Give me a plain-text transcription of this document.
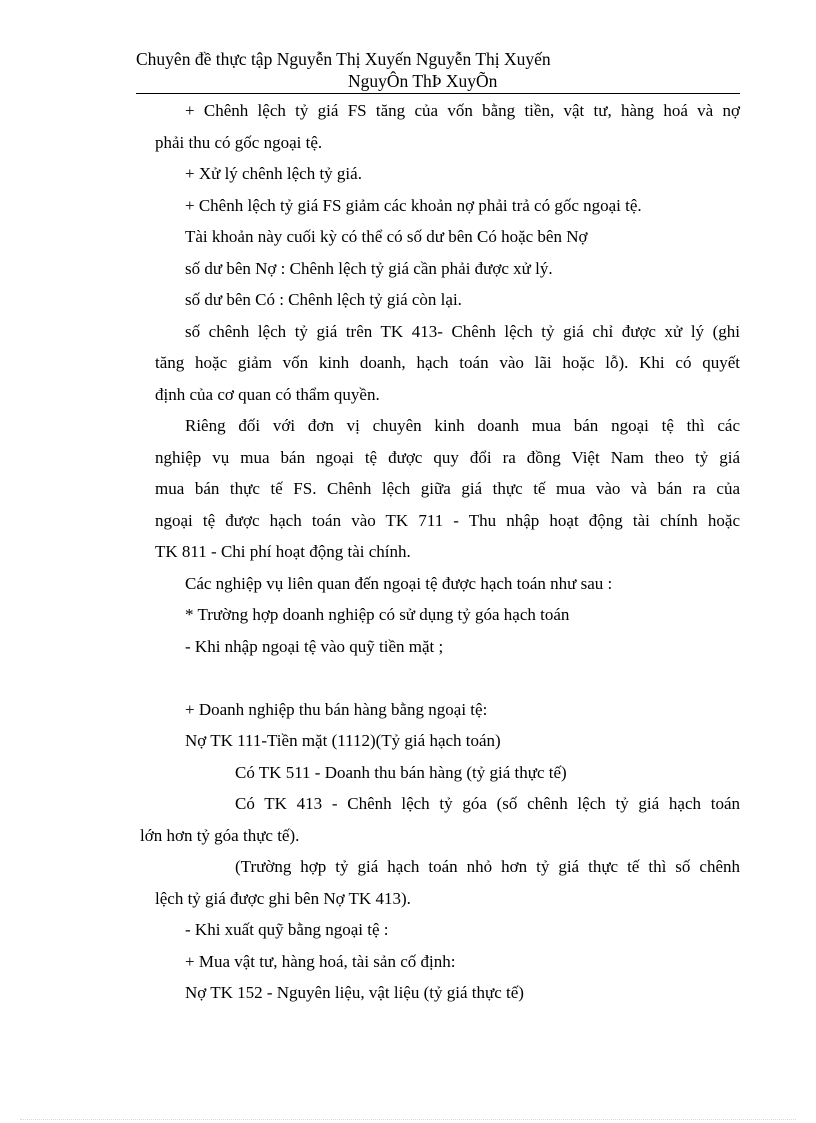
Chuyên đề thực tập Nguyễn Thị Xuyến Nguyễn Thị Xuyến
NguyÔn ThÞ XuyÕn

+ Chênh lệch tỷ giá FS tăng của vốn bằng tiền, vật tư, hàng hoá và nợ

phải thu có gốc ngoại tệ.

+ Xử lý chênh lệch tỷ giá.

+ Chênh lệch tỷ giá FS giảm các khoản nợ phải trả có gốc ngoại tệ.

Tài khoản này cuối kỳ có thể có số dư bên Có hoặc bên Nợ

số dư bên Nợ : Chênh lệch tỷ giá cần phải được xử lý.

số dư bên Có : Chênh lệch tỷ giá còn lại.

số chênh lệch tỷ giá trên TK 413- Chênh lệch tỷ giá chỉ được xử lý (ghi

tăng hoặc giảm vốn kinh doanh, hạch toán vào lãi hoặc lỗ). Khi có quyết

định của cơ quan có thẩm quyền.

Riêng đối với đơn vị chuyên kinh doanh mua bán ngoại tệ thì các

nghiệp vụ mua bán ngoại tệ được quy đổi ra đồng Việt Nam theo tỷ giá

mua bán thực tế FS. Chênh lệch giữa giá thực tế mua vào và bán ra của

ngoại tệ được hạch toán vào TK 711 - Thu nhập hoạt động tài chính hoặc

TK 811 - Chi phí hoạt động tài chính.

Các nghiệp vụ liên quan đến ngoại tệ được hạch toán như sau :

* Trường hợp doanh nghiệp có sử dụng tỷ góa hạch toán

- Khi nhập ngoại tệ vào quỹ tiền mặt ;

+ Doanh nghiệp thu bán hàng bằng ngoại tệ:

Nợ TK 111-Tiền mặt (1112)(Tỷ giá hạch toán)

Có TK 511 - Doanh thu bán hàng (tỷ giá thực tế)

Có TK 413 - Chênh lệch tỷ góa (số chênh lệch tỷ giá hạch toán

lớn hơn tỷ góa thực tế).

(Trường hợp tỷ giá hạch toán nhỏ hơn tỷ giá thực tế thì số chênh

lệch tỷ giá được ghi bên Nợ TK 413).

- Khi xuất quỹ bằng ngoại tệ :

+ Mua vật tư, hàng hoá, tài sản cố định:

Nợ TK 152 - Nguyên liệu, vật liệu (tỷ giá thực tế)
